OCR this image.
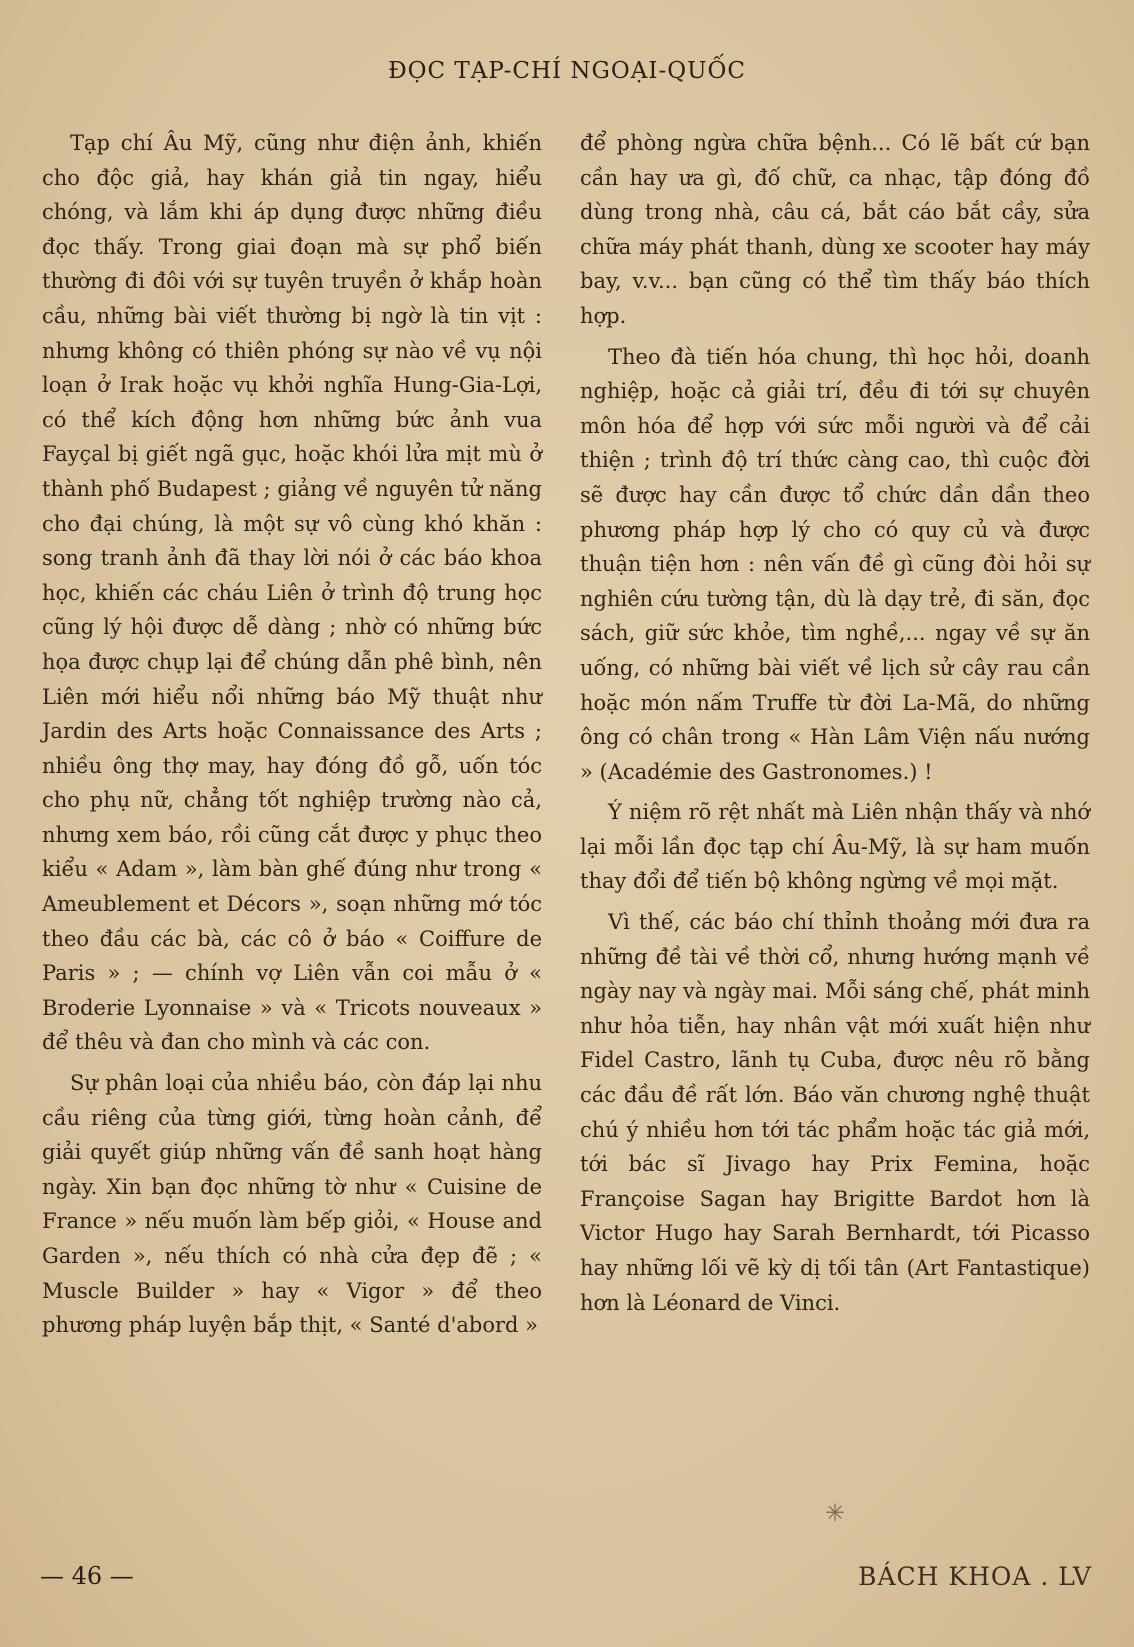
ĐỌC TẠP-CHÍ NGOẠI-QUỐC

Tạp chí Âu Mỹ, cũng như điện ảnh, khiến cho độc giả, hay khán giả tin ngay, hiểu chóng, và lắm khi áp dụng được những điều đọc thấy. Trong giai đoạn mà sự phổ biến thường đi đôi với sự tuyên truyền ở khắp hoàn cầu, những bài viết thường bị ngờ là tin vịt : nhưng không có thiên phóng sự nào về vụ nội loạn ở Irak hoặc vụ khởi nghĩa Hung-Gia-Lợi, có thể kích động hơn những bức ảnh vua Fayçal bị giết ngã gục, hoặc khói lửa mịt mù ở thành phố Budapest ; giảng về nguyên tử năng cho đại chúng, là một sự vô cùng khó khăn : song tranh ảnh đã thay lời nói ở các báo khoa học, khiến các cháu Liên ở trình độ trung học cũng lý hội được dễ dàng ; nhờ có những bức họa được chụp lại để chúng dẫn phê bình, nên Liên mới hiểu nổi những báo Mỹ thuật như Jardin des Arts hoặc Connaissance des Arts ; nhiều ông thợ may, hay đóng đồ gỗ, uốn tóc cho phụ nữ, chẳng tốt nghiệp trường nào cả, nhưng xem báo, rồi cũng cắt được y phục theo kiểu « Adam », làm bàn ghế đúng như trong « Ameublement et Décors », soạn những mớ tóc theo đầu các bà, các cô ở báo « Coiffure de Paris » ; — chính vợ Liên vẫn coi mẫu ở « Broderie Lyonnaise » và « Tricots nouveaux » để thêu và đan cho mình và các con.

Sự phân loại của nhiều báo, còn đáp lại nhu cầu riêng của từng giới, từng hoàn cảnh, để giải quyết giúp những vấn đề sanh hoạt hàng ngày. Xin bạn đọc những tờ như « Cuisine de France » nếu muốn làm bếp giỏi, « House and Garden », nếu thích có nhà cửa đẹp đẽ ; « Muscle Builder » hay « Vigor » để theo phương pháp luyện bắp thịt, « Santé d'abord »

để phòng ngừa chữa bệnh... Có lẽ bất cứ bạn cần hay ưa gì, đố chữ, ca nhạc, tập đóng đồ dùng trong nhà, câu cá, bắt cáo bắt cầy, sửa chữa máy phát thanh, dùng xe scooter hay máy bay, v.v... bạn cũng có thể tìm thấy báo thích hợp.

Theo đà tiến hóa chung, thì học hỏi, doanh nghiệp, hoặc cả giải trí, đều đi tới sự chuyên môn hóa để hợp với sức mỗi người và để cải thiện ; trình độ trí thức càng cao, thì cuộc đời sẽ được hay cần được tổ chức dần dần theo phương pháp hợp lý cho có quy củ và được thuận tiện hơn : nên vấn đề gì cũng đòi hỏi sự nghiên cứu tường tận, dù là dạy trẻ, đi săn, đọc sách, giữ sức khỏe, tìm nghề,... ngay về sự ăn uống, có những bài viết về lịch sử cây rau cần hoặc món nấm Truffe từ đời La-Mã, do những ông có chân trong « Hàn Lâm Viện nấu nướng » (Académie des Gastronomes.) !

Ý niệm rõ rệt nhất mà Liên nhận thấy và nhớ lại mỗi lần đọc tạp chí Âu-Mỹ, là sự ham muốn thay đổi để tiến bộ không ngừng về mọi mặt.

Vì thế, các báo chí thỉnh thoảng mới đưa ra những đề tài về thời cổ, nhưng hướng mạnh về ngày nay và ngày mai. Mỗi sáng chế, phát minh như hỏa tiễn, hay nhân vật mới xuất hiện như Fidel Castro, lãnh tụ Cuba, được nêu rõ bằng các đầu đề rất lớn. Báo văn chương nghệ thuật chú ý nhiều hơn tới tác phẩm hoặc tác giả mới, tới bác sĩ Jivago hay Prix Femina, hoặc Françoise Sagan hay Brigitte Bardot hơn là Victor Hugo hay Sarah Bernhardt, tới Picasso hay những lối vẽ kỳ dị tối tân (Art Fantastique) hơn là Léonard de Vinci.

✳
— 46 —	BÁCH KHOA . LV
